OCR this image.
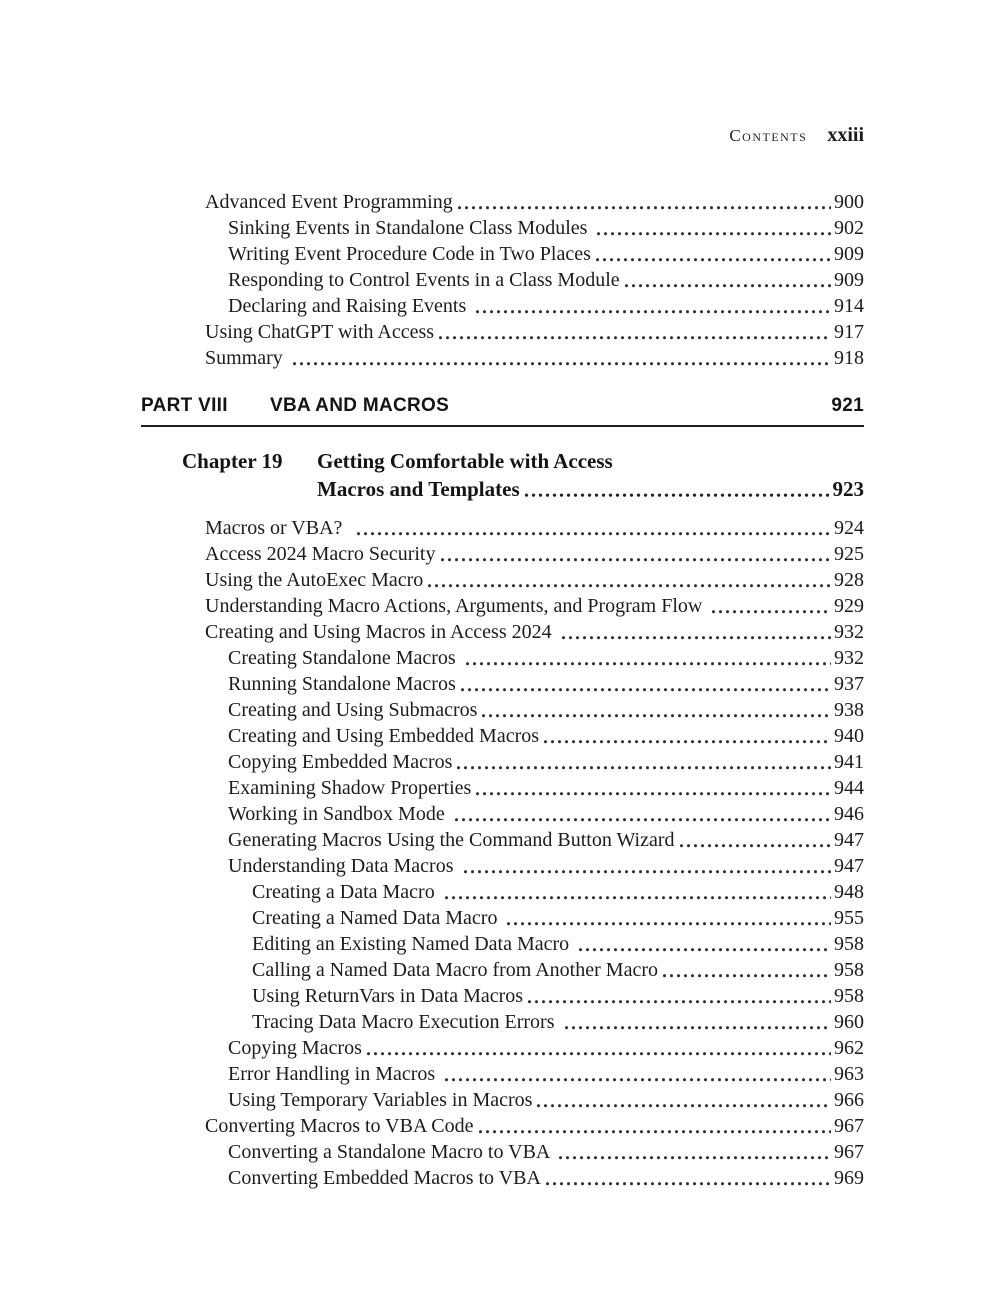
Contents xxiii
Advanced Event Programming	900
Sinking Events in Standalone Class Modules	902
Writing Event Procedure Code in Two Places	909
Responding to Control Events in a Class Module	909
Declaring and Raising Events	914
Using ChatGPT with Access	917
Summary	918
PART VIII	VBA AND MACROS	921
Chapter 19	Getting Comfortable with Access
Macros and Templates	923
Macros or VBA?	924
Access 2024 Macro Security	925
Using the AutoExec Macro	928
Understanding Macro Actions, Arguments, and Program Flow	929
Creating and Using Macros in Access 2024	932
Creating Standalone Macros	932
Running Standalone Macros	937
Creating and Using Submacros	938
Creating and Using Embedded Macros	940
Copying Embedded Macros	941
Examining Shadow Properties	944
Working in Sandbox Mode	946
Generating Macros Using the Command Button Wizard	947
Understanding Data Macros	947
Creating a Data Macro	948
Creating a Named Data Macro	955
Editing an Existing Named Data Macro	958
Calling a Named Data Macro from Another Macro	958
Using ReturnVars in Data Macros	958
Tracing Data Macro Execution Errors	960
Copying Macros	962
Error Handling in Macros	963
Using Temporary Variables in Macros	966
Converting Macros to VBA Code	967
Converting a Standalone Macro to VBA	967
Converting Embedded Macros to VBA	969
